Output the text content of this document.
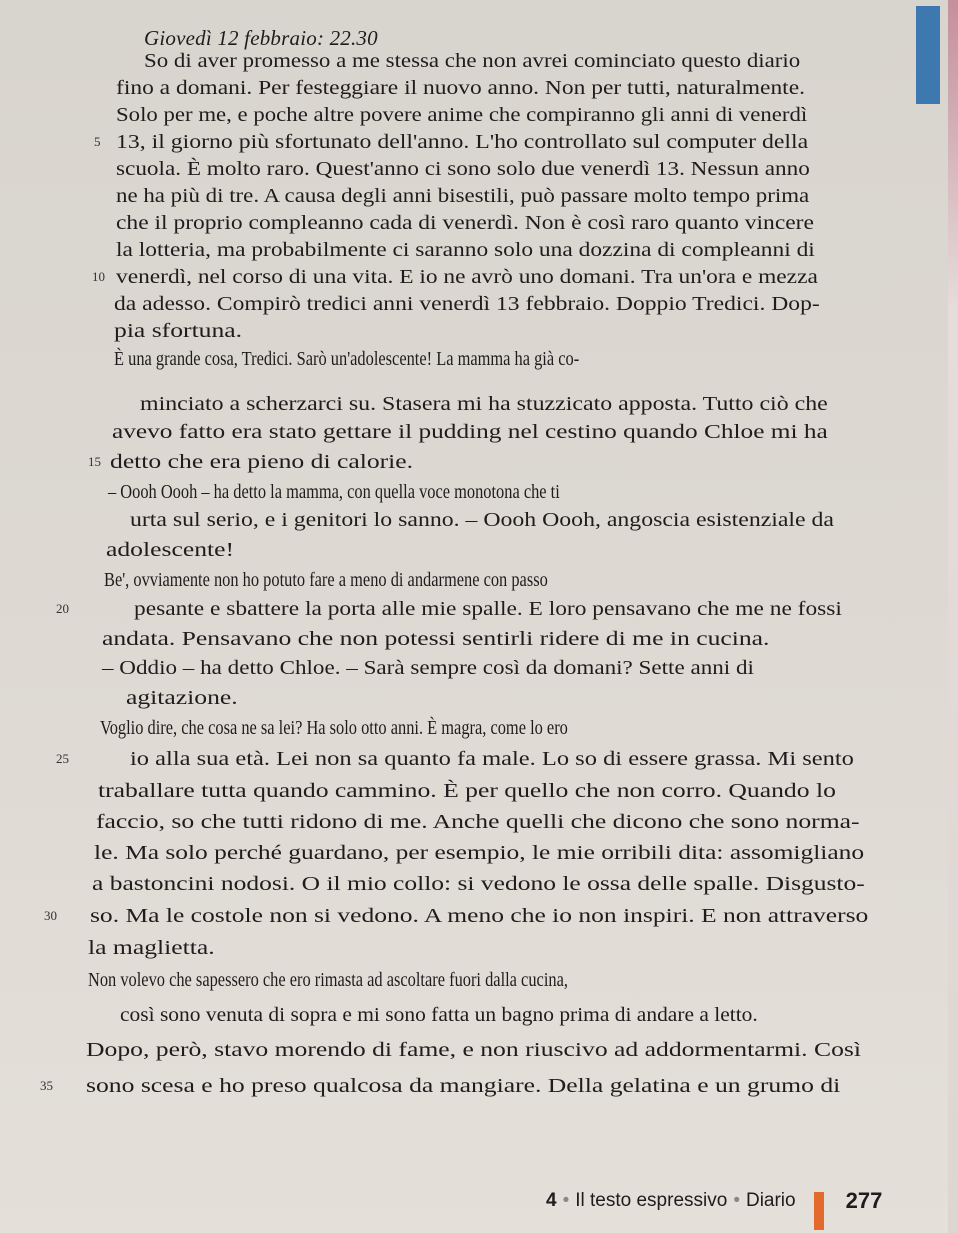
Giovedì 12 febbraio: 22.30
So di aver promesso a me stessa che non avrei cominciato questo diario
fino a domani. Per festeggiare il nuovo anno. Non per tutti, naturalmente.
Solo per me, e poche altre povere anime che compiranno gli anni di venerdì
13, il giorno più sfortunato dell'anno. L'ho controllato sul computer della
scuola. È molto raro. Quest'anno ci sono solo due venerdì 13. Nessun anno
ne ha più di tre. A causa degli anni bisestili, può passare molto tempo prima
che il proprio compleanno cada di venerdì. Non è così raro quanto vincere
la lotteria, ma probabilmente ci saranno solo una dozzina di compleanni di
venerdì, nel corso di una vita. E io ne avrò uno domani. Tra un'ora e mezza
da adesso. Compirò tredici anni venerdì 13 febbraio. Doppio Tredici. Dop-
pia sfortuna.
È una grande cosa, Tredici. Sarò un'adolescente! La mamma ha già co-
minciato a scherzarci su. Stasera mi ha stuzzicato apposta. Tutto ciò che
avevo fatto era stato gettare il pudding nel cestino quando Chloe mi ha
detto che era pieno di calorie.
– Oooh Oooh – ha detto la mamma, con quella voce monotona che ti
urta sul serio, e i genitori lo sanno. – Oooh Oooh, angoscia esistenziale da
adolescente!
Be', ovviamente non ho potuto fare a meno di andarmene con passo
pesante e sbattere la porta alle mie spalle. E loro pensavano che me ne fossi
andata. Pensavano che non potessi sentirli ridere di me in cucina.
– Oddio – ha detto Chloe. – Sarà sempre così da domani? Sette anni di
agitazione.
Voglio dire, che cosa ne sa lei? Ha solo otto anni. È magra, come lo ero
io alla sua età. Lei non sa quanto fa male. Lo so di essere grassa. Mi sento
traballare tutta quando cammino. È per quello che non corro. Quando lo
faccio, so che tutti ridono di me. Anche quelli che dicono che sono norma-
le. Ma solo perché guardano, per esempio, le mie orribili dita: assomigliano
a bastoncini nodosi. O il mio collo: si vedono le ossa delle spalle. Disgusto-
so. Ma le costole non si vedono. A meno che io non inspiri. E non attraverso
la maglietta.
Non volevo che sapessero che ero rimasta ad ascoltare fuori dalla cucina,
così sono venuta di sopra e mi sono fatta un bagno prima di andare a letto.
Dopo, però, stavo morendo di fame, e non riuscivo ad addormentarmi. Così
sono scesa e ho preso qualcosa da mangiare. Della gelatina e un grumo di
5
10
15
20
25
30
35
4 • Il testo espressivo • Diario 277
